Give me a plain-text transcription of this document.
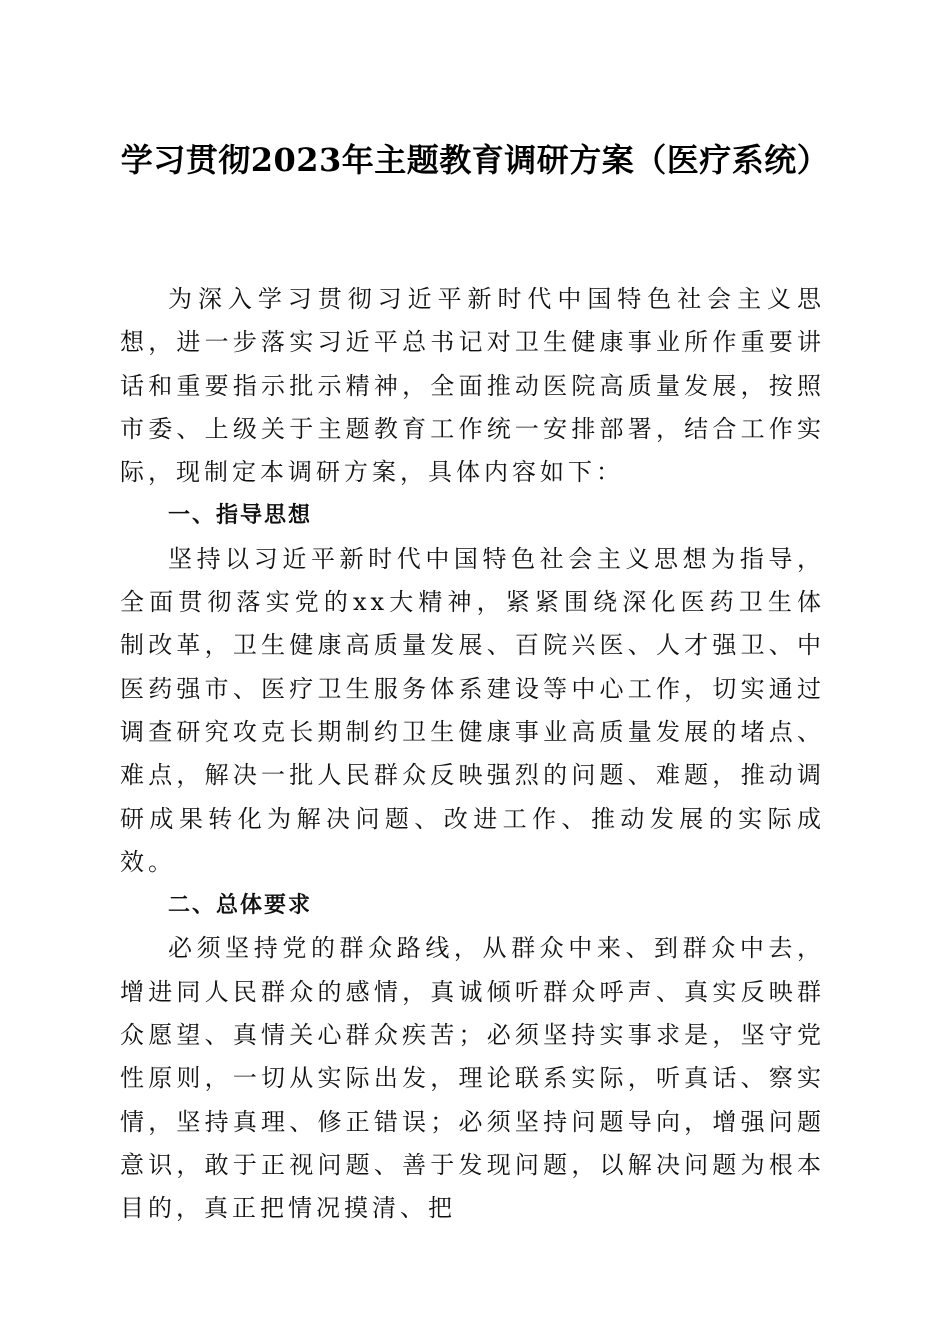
学习贯彻2023年主题教育调研方案（医疗系统）

为深入学习贯彻习近平新时代中国特色社会主义思想，进一步落实习近平总书记对卫生健康事业所作重要讲话和重要指示批示精神，全面推动医院高质量发展，按照市委、上级关于主题教育工作统一安排部署，结合工作实际，现制定本调研方案，具体内容如下：

一、指导思想

坚持以习近平新时代中国特色社会主义思想为指导，全面贯彻落实党的xx大精神，紧紧围绕深化医药卫生体制改革，卫生健康高质量发展、百院兴医、人才强卫、中医药强市、医疗卫生服务体系建设等中心工作，切实通过调查研究攻克长期制约卫生健康事业高质量发展的堵点、难点，解决一批人民群众反映强烈的问题、难题，推动调研成果转化为解决问题、改进工作、推动发展的实际成效。

二、总体要求

必须坚持党的群众路线，从群众中来、到群众中去，增进同人民群众的感情，真诚倾听群众呼声、真实反映群众愿望、真情关心群众疾苦；必须坚持实事求是，坚守党性原则，一切从实际出发，理论联系实际，听真话、察实情，坚持真理、修正错误；必须坚持问题导向，增强问题意识，敢于正视问题、善于发现问题，以解决问题为根本目的，真正把情况摸清、把
